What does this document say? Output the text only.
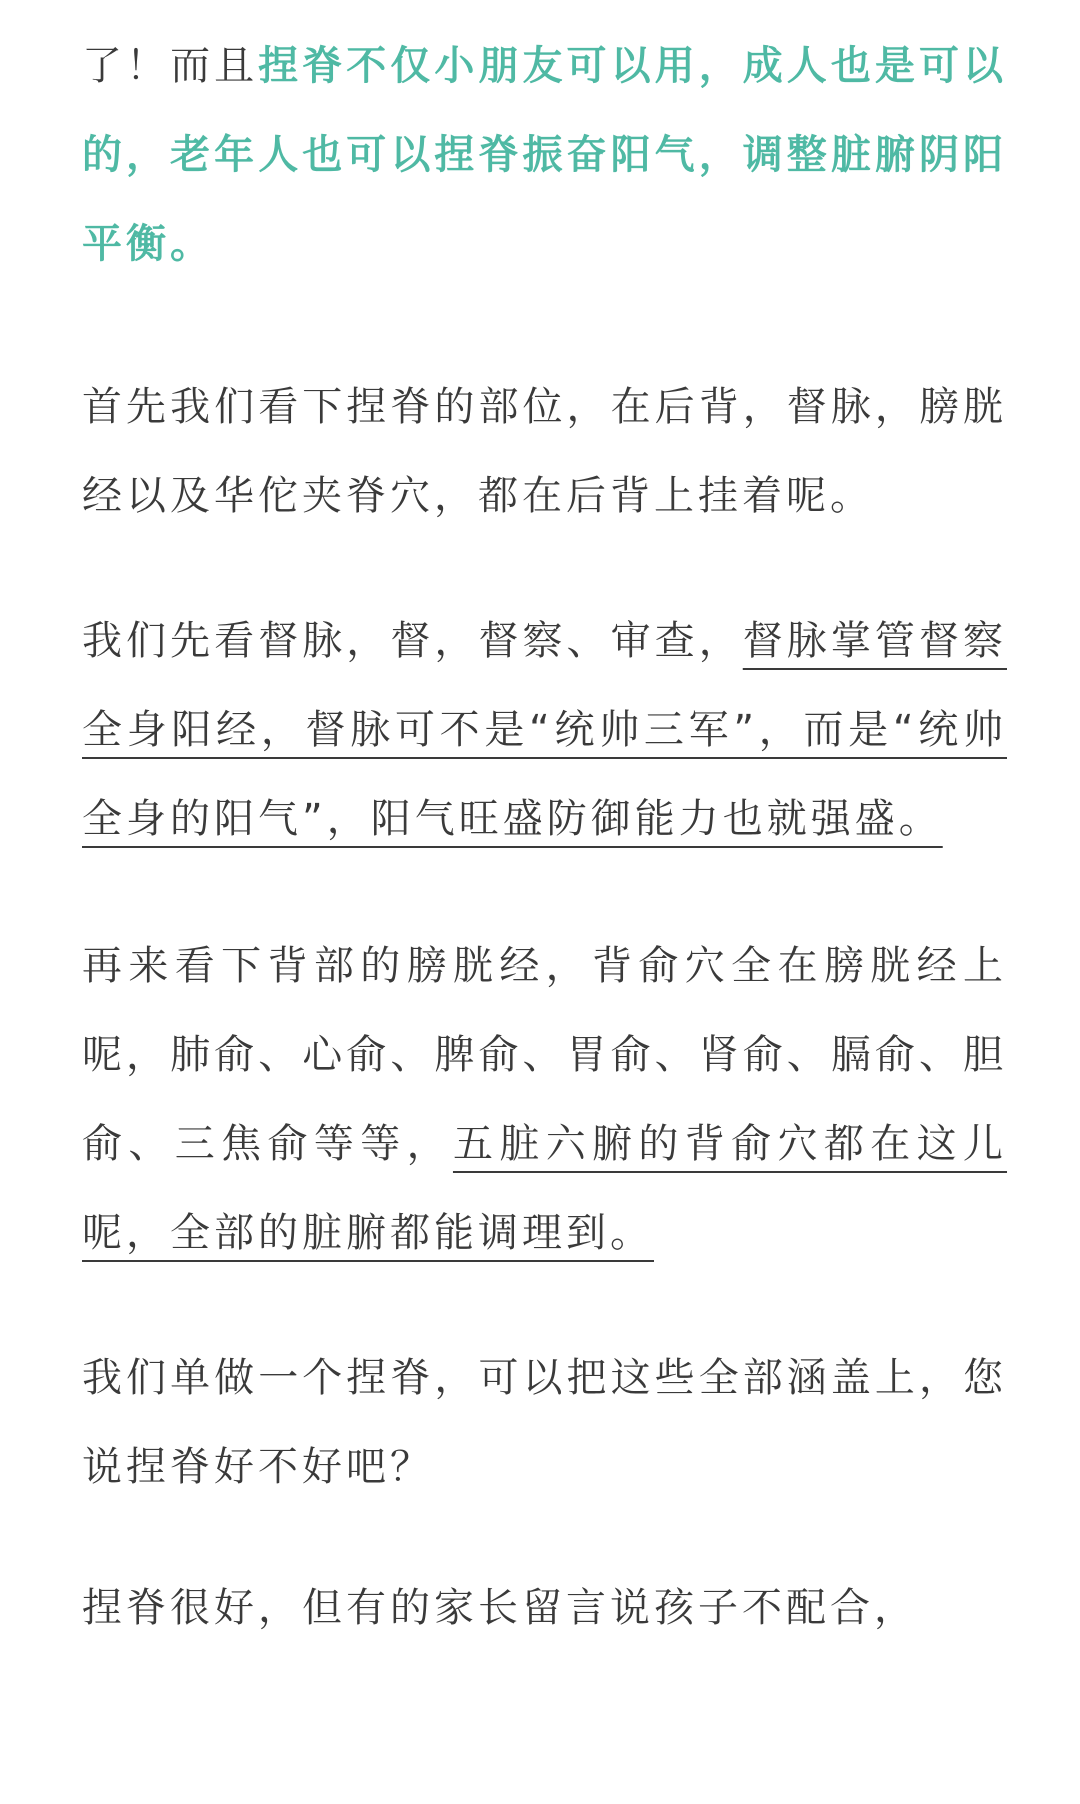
了！而且捏脊不仅小朋友可以用，成人也是可以的，老年人也可以捏脊振奋阳气，调整脏腑阴阳平衡。

首先我们看下捏脊的部位，在后背，督脉，膀胱经以及华佗夹脊穴，都在后背上挂着呢。

我们先看督脉，督，督察、审查，督脉掌管督察全身阳经，督脉可不是“统帅三军”，而是“统帅全身的阳气”，阳气旺盛防御能力也就强盛。

再来看下背部的膀胱经，背俞穴全在膀胱经上呢，肺俞、心俞、脾俞、胃俞、肾俞、膈俞、胆俞、三焦俞等等，五脏六腑的背俞穴都在这儿呢，全部的脏腑都能调理到。

我们单做一个捏脊，可以把这些全部涵盖上，您说捏脊好不好吧？

捏脊很好，但有的家长留言说孩子不配合，
